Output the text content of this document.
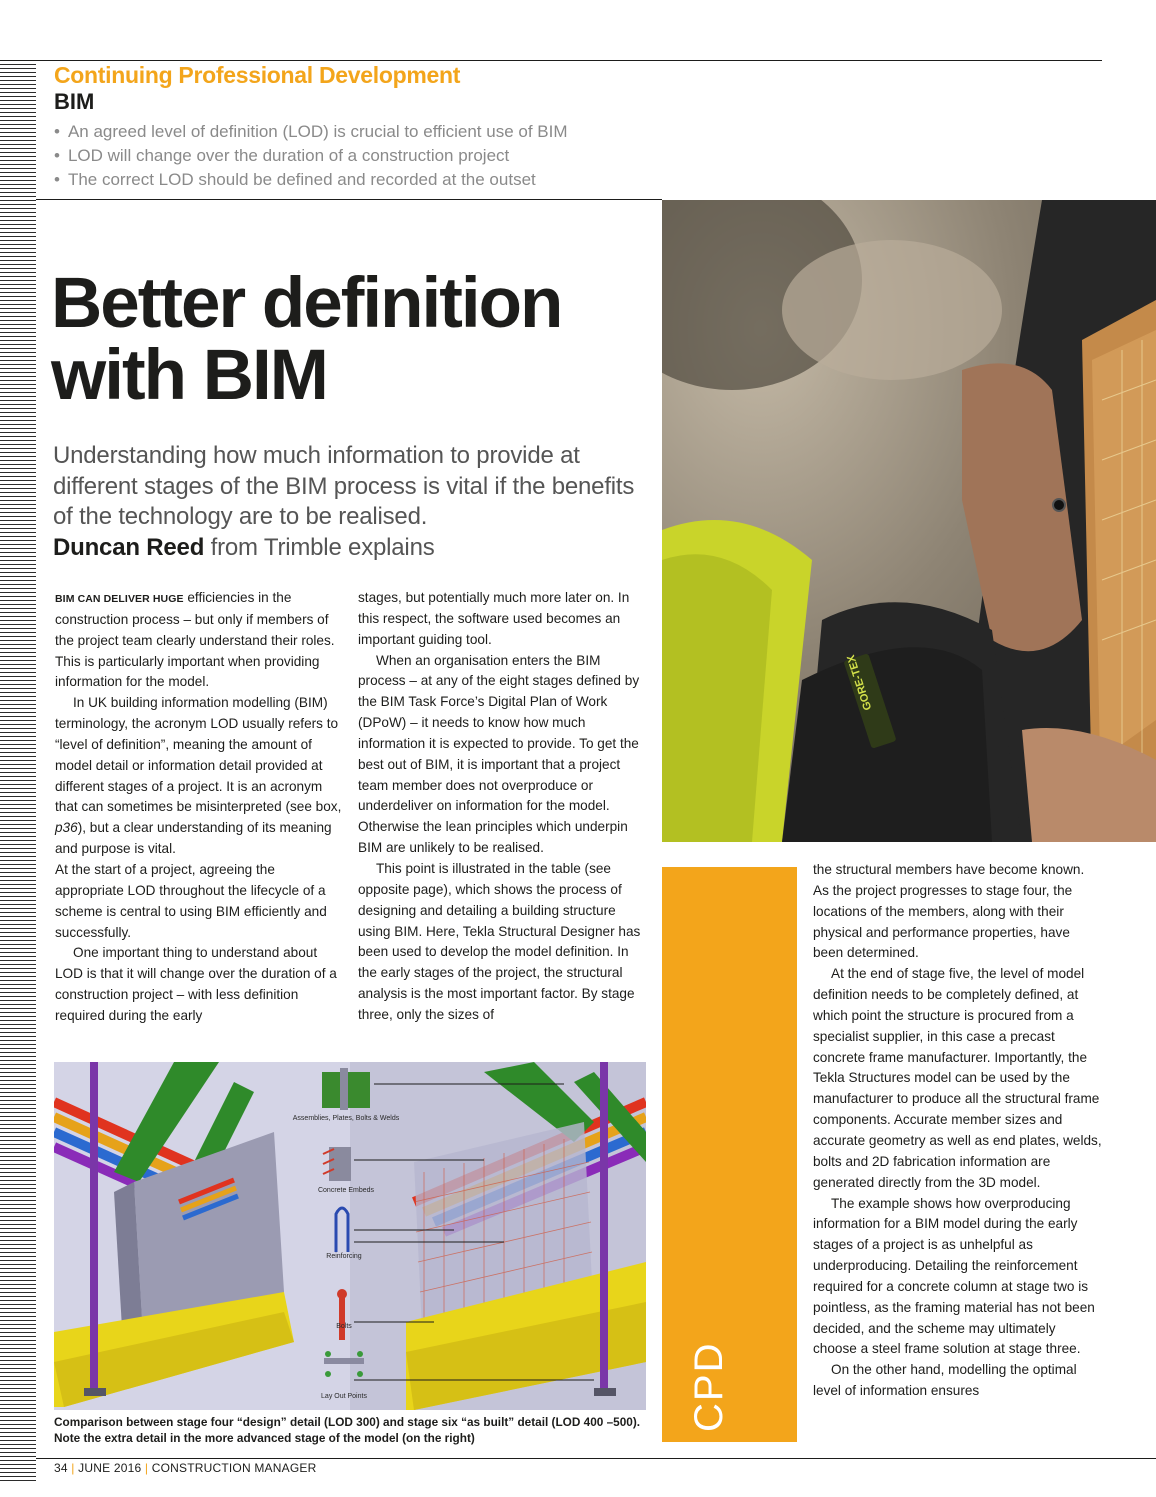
Continuing Professional Development
BIM
• An agreed level of definition (LOD) is crucial to efficient use of BIM
• LOD will change over the duration of a construction project
• The correct LOD should be defined and recorded at the outset
Better definition
with BIM

Understanding how much information to provide at different stages of the BIM process is vital if the benefits of the technology are to be realised.
Duncan Reed from Trimble explains

BIM CAN DELIVER HUGE efficiencies in the construction process – but only if members of the project team clearly understand their roles. This is particularly important when providing information for the model.

In UK building information modelling (BIM) terminology, the acronym LOD usually refers to “level of definition”, meaning the amount of model detail or information detail provided at different stages of a project. It is an acronym that can sometimes be misinterpreted (see box, p36), but a clear understanding of its meaning and purpose is vital.

At the start of a project, agreeing the appropriate LOD throughout the lifecycle of a scheme is central to using BIM efficiently and successfully.

One important thing to understand about LOD is that it will change over the duration of a construction project – with less definition required during the early

stages, but potentially much more later on. In this respect, the software used becomes an important guiding tool.

When an organisation enters the BIM process – at any of the eight stages defined by the BIM Task Force’s Digital Plan of Work (DPoW) – it needs to know how much information it is expected to provide. To get the best out of BIM, it is important that a project team member does not overproduce or underdeliver on information for the model. Otherwise the lean principles which underpin BIM are unlikely to be realised.

This point is illustrated in the table (see opposite page), which shows the process of designing and detailing a building structure using BIM. Here, Tekla Structural Designer has been used to develop the model definition. In the early stages of the project, the structural analysis is the most important factor. By stage three, only the sizes of

GORE-TEX
Assemblies, Plates, Bolts & Welds
Concrete Embeds
Reinforcing
Bolts
Lay Out Points

Comparison between stage four “design” detail (LOD 300) and stage six “as built” detail (LOD 400 –500). Note the extra detail in the more advanced stage of the model (on the right)

CPD

the structural members have become known. As the project progresses to stage four, the locations of the members, along with their physical and performance properties, have been determined.

At the end of stage five, the level of model definition needs to be completely defined, at which point the structure is procured from a specialist supplier, in this case a precast concrete frame manufacturer. Importantly, the Tekla Structures model can be used by the manufacturer to produce all the structural frame components. Accurate member sizes and accurate geometry as well as end plates, welds, bolts and 2D fabrication information are generated directly from the 3D model.

The example shows how overproducing information for a BIM model during the early stages of a project is as unhelpful as underproducing. Detailing the reinforcement required for a concrete column at stage two is pointless, as the framing material has not been decided, and the scheme may ultimately choose a steel frame solution at stage three.

On the other hand, modelling the optimal level of information ensures

34 | JUNE 2016 | CONSTRUCTION MANAGER
